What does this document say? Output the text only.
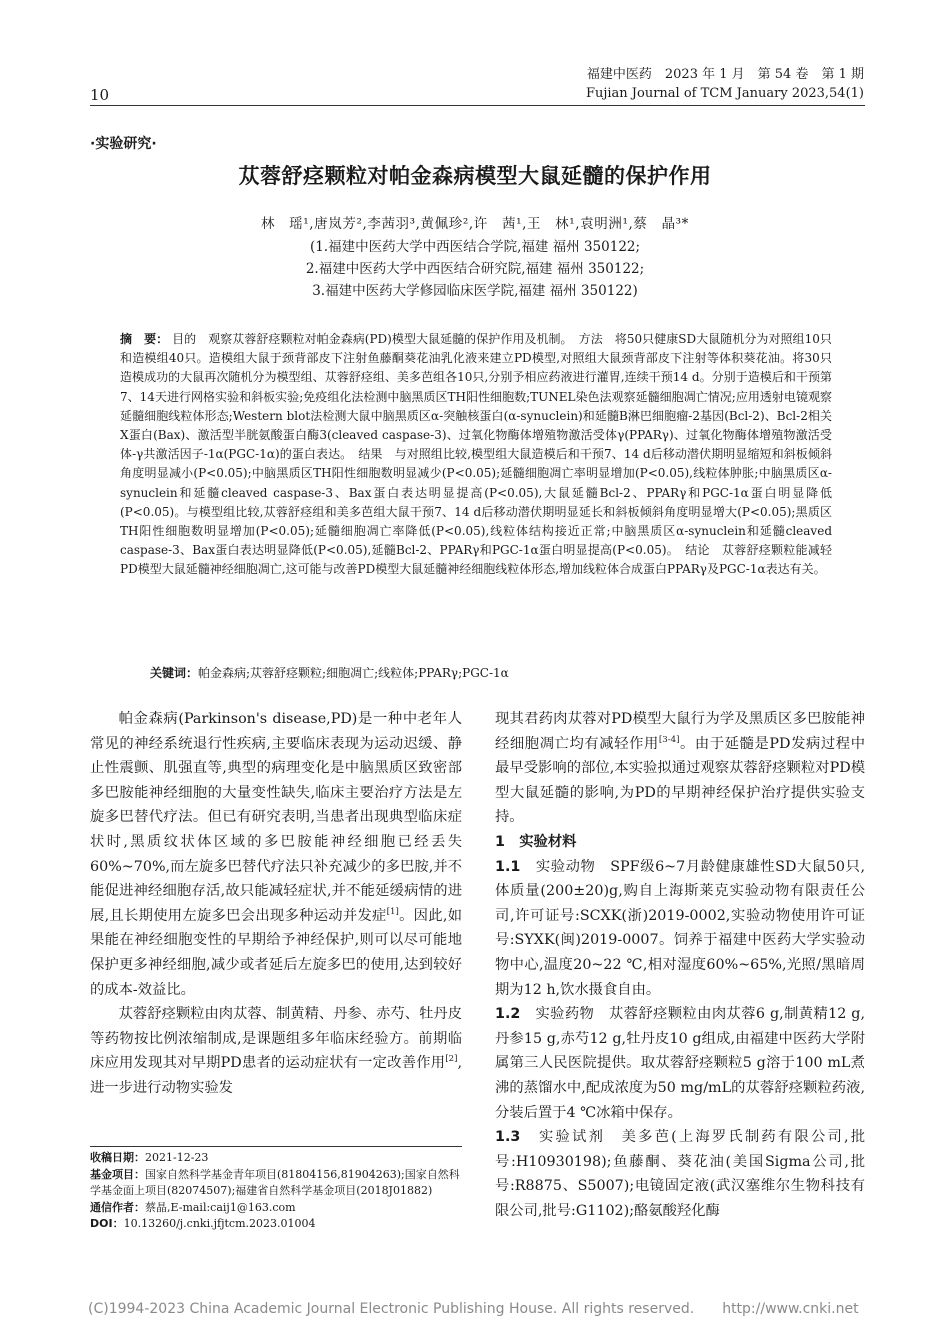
福建中医药　2023 年 1 月　第 54 卷　第 1 期
Fujian Journal of TCM January 2023,54(1)
10
·实验研究·
苁蓉舒痉颗粒对帕金森病模型大鼠延髓的保护作用
林　瑶¹,唐岚芳²,李茜羽³,黄佩珍²,许　茜¹,王　林¹,袁明洲¹,蔡　晶³*
(1.福建中医药大学中西医结合学院,福建 福州 350122;
2.福建中医药大学中西医结合研究院,福建 福州 350122;
3.福建中医药大学修园临床医学院,福建 福州 350122)
摘　要： 目的　 观察苁蓉舒痉颗粒对帕金森病(PD)模型大鼠延髓的保护作用及机制。　 方法　 将50只健康SD大鼠随机分为对照组10只和造模组40只。造模组大鼠于颈背部皮下注射鱼藤酮葵花油乳化液来建立PD模型,对照组大鼠颈背部皮下注射等体积葵花油。将30只造模成功的大鼠再次随机分为模型组、苁蓉舒痉组、美多芭组各10只,分别予相应药液进行灌胃,连续干预14 d。分别于造模后和干预第7、14天进行网格实验和斜板实验;免疫组化法检测中脑黑质区TH阳性细胞数;TUNEL染色法观察延髓细胞凋亡情况;应用透射电镜观察延髓细胞线粒体形态;Western blot法检测大鼠中脑黑质区α-突触核蛋白(α-synuclein)和延髓B淋巴细胞瘤-2基因(Bcl-2)、Bcl-2相关X蛋白(Bax)、激活型半胱氨酸蛋白酶3(cleaved caspase-3)、过氧化物酶体增殖物激活受体γ(PPARγ)、过氧化物酶体增殖物激活受体-γ共激活因子-1α(PGC-1α)的蛋白表达。　 结果　 与对照组比较,模型组大鼠造模后和干预7、14 d后移动潜伏期明显缩短和斜板倾斜角度明显减小(P<0.05);中脑黑质区TH阳性细胞数明显减少(P<0.05);延髓细胞凋亡率明显增加(P<0.05),线粒体肿胀;中脑黑质区α-synuclein和延髓cleaved caspase-3、Bax蛋白表达明显提高(P<0.05),大鼠延髓Bcl-2、PPARγ和PGC-1α蛋白明显降低(P<0.05)。与模型组比较,苁蓉舒痉组和美多芭组大鼠干预7、14 d后移动潜伏期明显延长和斜板倾斜角度明显增大(P<0.05);黑质区TH阳性细胞数明显增加(P<0.05);延髓细胞凋亡率降低(P<0.05),线粒体结构接近正常;中脑黑质区α-synuclein和延髓cleaved caspase-3、Bax蛋白表达明显降低(P<0.05),延髓Bcl-2、PPARγ和PGC-1α蛋白明显提高(P<0.05)。　 结论　 苁蓉舒痉颗粒能减轻PD模型大鼠延髓神经细胞凋亡,这可能与改善PD模型大鼠延髓神经细胞线粒体形态,增加线粒体合成蛋白PPARγ及PGC-1α表达有关。
关键词：帕金森病;苁蓉舒痉颗粒;细胞凋亡;线粒体;PPARγ;PGC-1α

帕金森病(Parkinson's disease,PD)是一种中老年人常见的神经系统退行性疾病,主要临床表现为运动迟缓、静止性震颤、肌强直等,典型的病理变化是中脑黑质区致密部多巴胺能神经细胞的大量变性缺失,临床主要治疗方法是左旋多巴替代疗法。但已有研究表明,当患者出现典型临床症状时,黑质纹状体区域的多巴胺能神经细胞已经丢失60%~70%,而左旋多巴替代疗法只补充减少的多巴胺,并不能促进神经细胞存活,故只能减轻症状,并不能延缓病情的进展,且长期使用左旋多巴会出现多种运动并发症[1]。因此,如果能在神经细胞变性的早期给予神经保护,则可以尽可能地保护更多神经细胞,减少或者延后左旋多巴的使用,达到较好的成本-效益比。

苁蓉舒痉颗粒由肉苁蓉、制黄精、丹参、赤芍、牡丹皮等药物按比例浓缩制成,是课题组多年临床经验方。前期临床应用发现其对早期PD患者的运动症状有一定改善作用[2],进一步进行动物实验发

现其君药肉苁蓉对PD模型大鼠行为学及黑质区多巴胺能神经细胞凋亡均有减轻作用[3-4]。由于延髓是PD发病过程中最早受影响的部位,本实验拟通过观察苁蓉舒痉颗粒对PD模型大鼠延髓的影响,为PD的早期神经保护治疗提供实验支持。

1　实验材料

1.1　 实验动物　 SPF级6~7月龄健康雄性SD大鼠50只,体质量(200±20)g,购自上海斯莱克实验动物有限责任公司,许可证号:SCXK(浙)2019-0002,实验动物使用许可证号:SYXK(闽)2019-0007。饲养于福建中医药大学实验动物中心,温度20~22 ℃,相对湿度60%~65%,光照/黑暗周期为12 h,饮水摄食自由。

1.2　 实验药物　 苁蓉舒痉颗粒由肉苁蓉6 g,制黄精12 g,丹参15 g,赤芍12 g,牡丹皮10 g组成,由福建中医药大学附属第三人民医院提供。取苁蓉舒痉颗粒5 g溶于100 mL煮沸的蒸馏水中,配成浓度为50 mg/mL的苁蓉舒痉颗粒药液,分装后置于4 ℃冰箱中保存。

1.3　 实验试剂　 美多芭(上海罗氏制药有限公司,批号:H10930198);鱼藤酮、葵花油(美国Sigma公司,批号:R8875、S5007);电镜固定液(武汉塞维尔生物科技有限公司,批号:G1102);酪氨酸羟化酶

收稿日期：2021-12-23
基金项目：国家自然科学基金青年项目(81804156,81904263);国家自然科学基金面上项目(82074507);福建省自然科学基金项目(2018J01882)
通信作者：蔡晶,E-mail:caij1@163.com
DOI：10.13260/j.cnki.jfjtcm.2023.01004
(C)1994-2023 China Academic Journal Electronic Publishing House. All rights reserved.　　http://www.cnki.net
